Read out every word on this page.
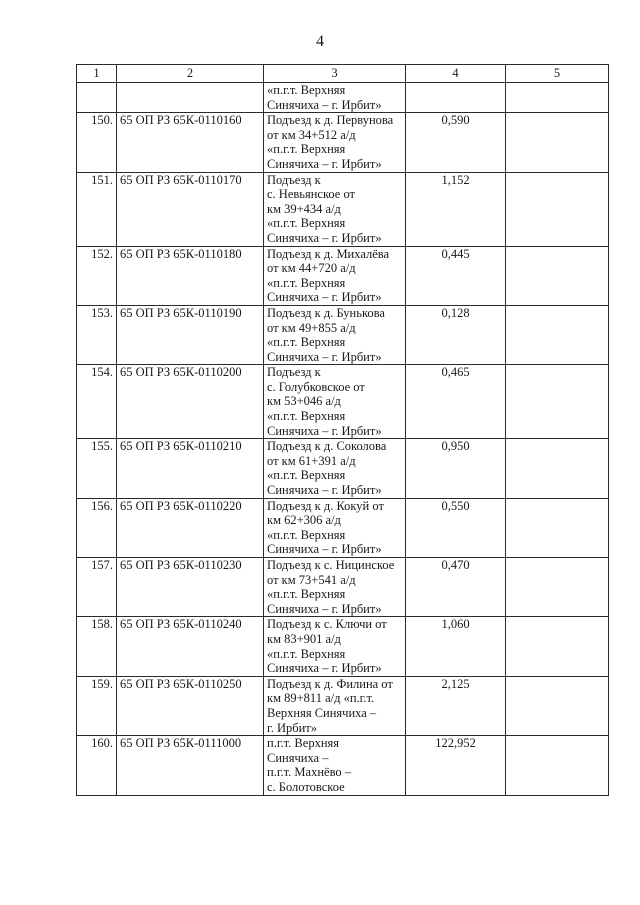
4
1	2	3	4	5

		«п.г.т. Верхняя
Синячиха – г. Ирбит»		

150.	65 ОП РЗ 65К-0110160	Подъезд к д. Первунова
от км 34+512 а/д
«п.г.т. Верхняя
Синячиха – г. Ирбит»	0,590	
151.	65 ОП РЗ 65К-0110170	Подъезд к
с. Невьянское от
км 39+434 а/д
«п.г.т. Верхняя
Синячиха – г. Ирбит»	1,152	
152.	65 ОП РЗ 65К-0110180	Подъезд к д. Михалёва
от км 44+720 а/д
«п.г.т. Верхняя
Синячиха – г. Ирбит»	0,445	
153.	65 ОП РЗ 65К-0110190	Подъезд к д. Бунькова
от км 49+855 а/д
«п.г.т. Верхняя
Синячиха – г. Ирбит»	0,128	
154.	65 ОП РЗ 65К-0110200	Подъезд к
с. Голубковское от
км 53+046 а/д
«п.г.т. Верхняя
Синячиха – г. Ирбит»	0,465	
155.	65 ОП РЗ 65К-0110210	Подъезд к д. Соколова
от км 61+391 а/д
«п.г.т. Верхняя
Синячиха – г. Ирбит»	0,950	
156.	65 ОП РЗ 65К-0110220	Подъезд к д. Кокуй от
км 62+306 а/д
«п.г.т. Верхняя
Синячиха – г. Ирбит»	0,550	
157.	65 ОП РЗ 65К-0110230	Подъезд к с. Ницинское
от км 73+541 а/д
«п.г.т. Верхняя
Синячиха – г. Ирбит»	0,470	
158.	65 ОП РЗ 65К-0110240	Подъезд к с. Ключи от
км 83+901 а/д
«п.г.т. Верхняя
Синячиха – г. Ирбит»	1,060	
159.	65 ОП РЗ 65К-0110250	Подъезд к д. Филина от
км 89+811 а/д «п.г.т.
Верхняя Синячиха –
г. Ирбит»	2,125	
160.	65 ОП РЗ 65К-0111000	п.г.т. Верхняя
Синячиха –
п.г.т. Махнёво –
с. Болотовское	122,952	
